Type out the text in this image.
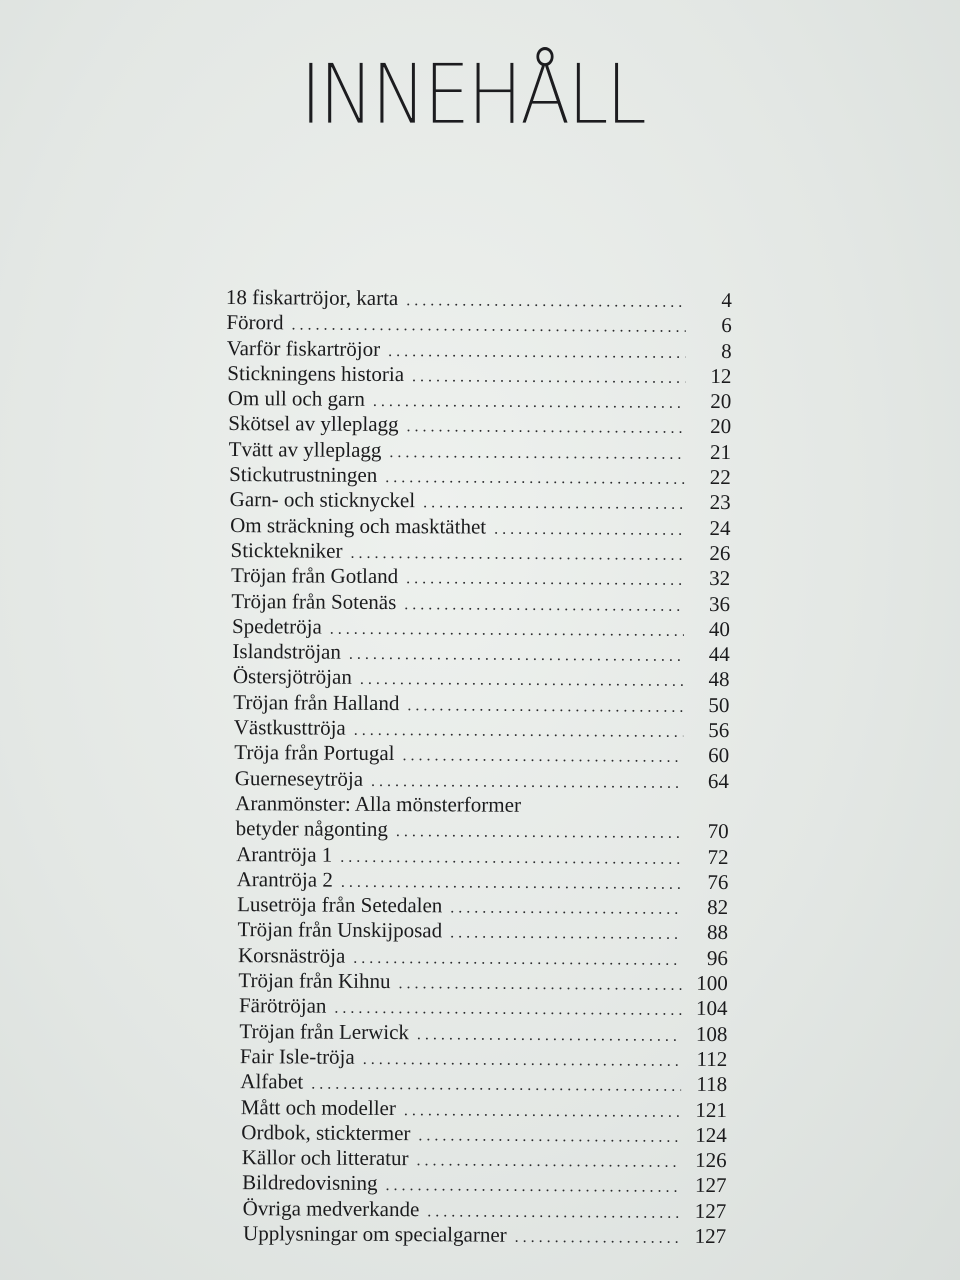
INNEHÅLL
18 fiskartröjor, karta . . .	4
Förord . . .	6
Varför fiskartröjor . . .	8
Stickningens historia . . .	12
Om ull och garn . . .	20
Skötsel av ylleplagg . . .	20
Tvätt av ylleplagg . . .	21
Stickutrustningen . . .	22
Garn- och sticknyckel . . .	23
Om sträckning och masktäthet . . .	24
Sticktekniker . . .	26
Tröjan från Gotland . . .	32
Tröjan från Sotenäs . . .	36
Spedetröja . . .	40
Islandströjan . . .	44
Östersjötröjan . . .	48
Tröjan från Halland . . .	50
Västkusttröja . . .	56
Tröja från Portugal . . .	60
Guerneseytröja . . .	64
Aranmönster: Alla mönsterformer
betyder någonting . . .	70
Arantröja 1 . . .	72
Arantröja 2 . . .	76
Lusetröja från Setedalen . . .	82
Tröjan från Unskijposad . . .	88
Korsnäströja . . .	96
Tröjan från Kihnu . . .	100
Färötröjan . . .	104
Tröjan från Lerwick . . .	108
Fair Isle-tröja . . .	112
Alfabet . . .	118
Mått och modeller . . .	121
Ordbok, sticktermer . . .	124
Källor och litteratur . . .	126
Bildredovisning . . .	127
Övriga medverkande . . .	127
Upplysningar om specialgarner . . .	127
